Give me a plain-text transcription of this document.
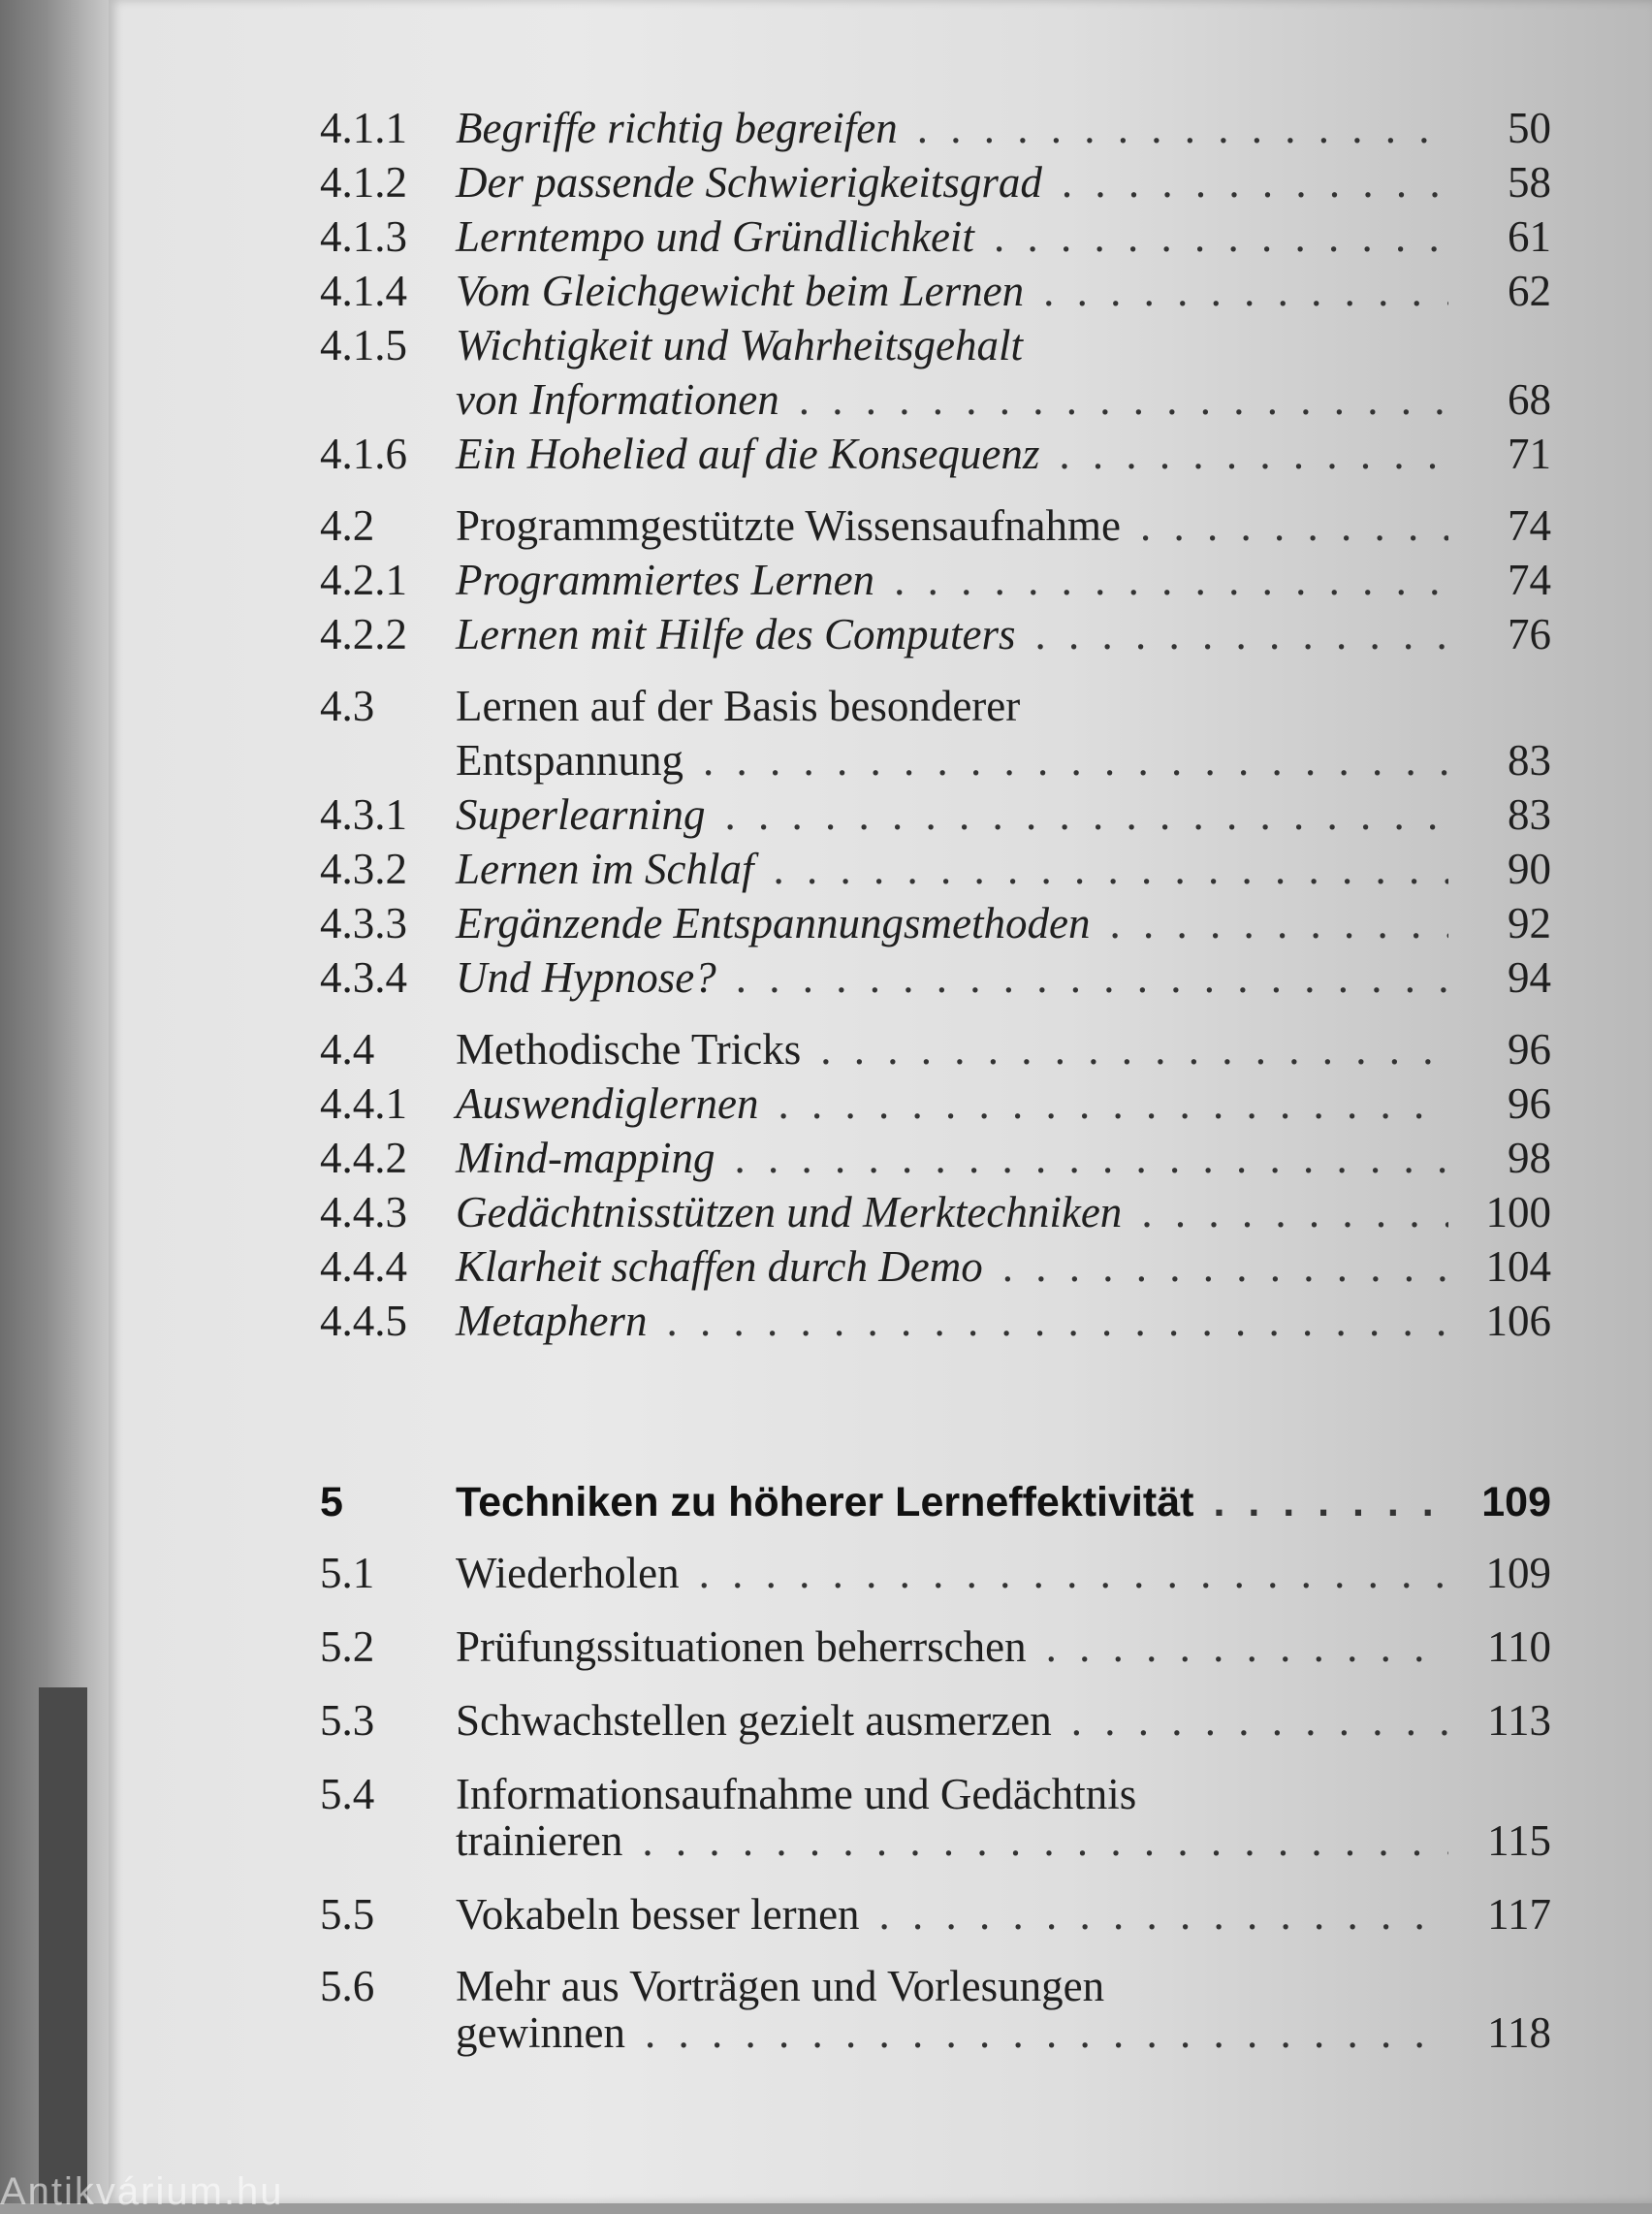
4.1.1	Begriffe richtig begreifen . . .	50
4.1.2	Der passende Schwierigkeitsgrad . . .	58
4.1.3	Lerntempo und Gründlichkeit . . .	61
4.1.4	Vom Gleichgewicht beim Lernen . . .	62
4.1.5	Wichtigkeit und Wahrheitsgehalt
von Informationen . . .	68
4.1.6	Ein Hohelied auf die Konsequenz . . .	71
4.2	Programmgestützte Wissensaufnahme . . .	74
4.2.1	Programmiertes Lernen . . .	74
4.2.2	Lernen mit Hilfe des Computers . . .	76
4.3	Lernen auf der Basis besonderer
Entspannung . . .	83
4.3.1	Superlearning . . .	83
4.3.2	Lernen im Schlaf . . .	90
4.3.3	Ergänzende Entspannungsmethoden . . .	92
4.3.4	Und Hypnose? . . .	94
4.4	Methodische Tricks . . .	96
4.4.1	Auswendiglernen . . .	96
4.4.2	Mind-mapping . . .	98
4.4.3	Gedächtnisstützen und Merktechniken . . .	100
4.4.4	Klarheit schaffen durch Demo . . .	104
4.4.5	Metaphern . . .	106
5	Techniken zu höherer Lerneffektivität . . .	109
5.1	Wiederholen . . .	109
5.2	Prüfungssituationen beherrschen . . .	110
5.3	Schwachstellen gezielt ausmerzen . . .	113
5.4	Informationsaufnahme und Gedächtnis
trainieren . . .	115
5.5	Vokabeln besser lernen . . .	117
5.6	Mehr aus Vorträgen und Vorlesungen
gewinnen . . .	118
Antikvárium.hu
